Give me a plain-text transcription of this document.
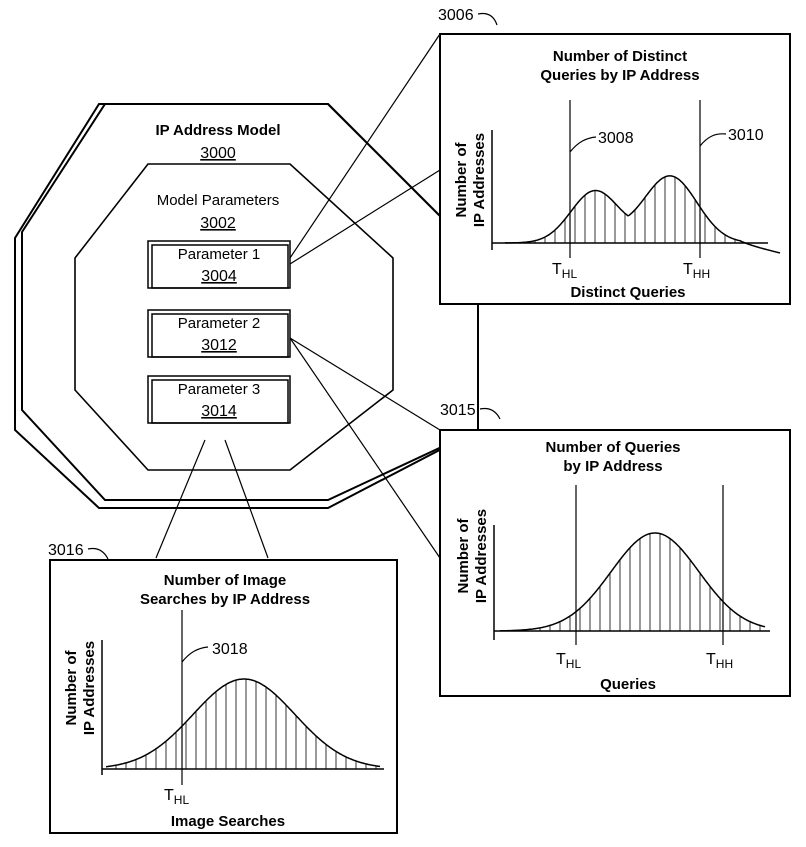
IP Address Model
3000
Model Parameters
3002
Parameter 1
3004
Parameter 2
3012
Parameter 3
3014
3006
Number of Distinct
Queries by IP Address
Number of IP Addresses	3008	3010
$T_{HL}$	$T_{HH}$
Distinct Queries
3015
Number of Queries
by IP Address
Number of IP Addresses
$T_{HL}$	$T_{HH}$
Queries
3016
Number of Image
Searches by IP Address
Number of IP Addresses	3018
$T_{HL}$
Image Searches
